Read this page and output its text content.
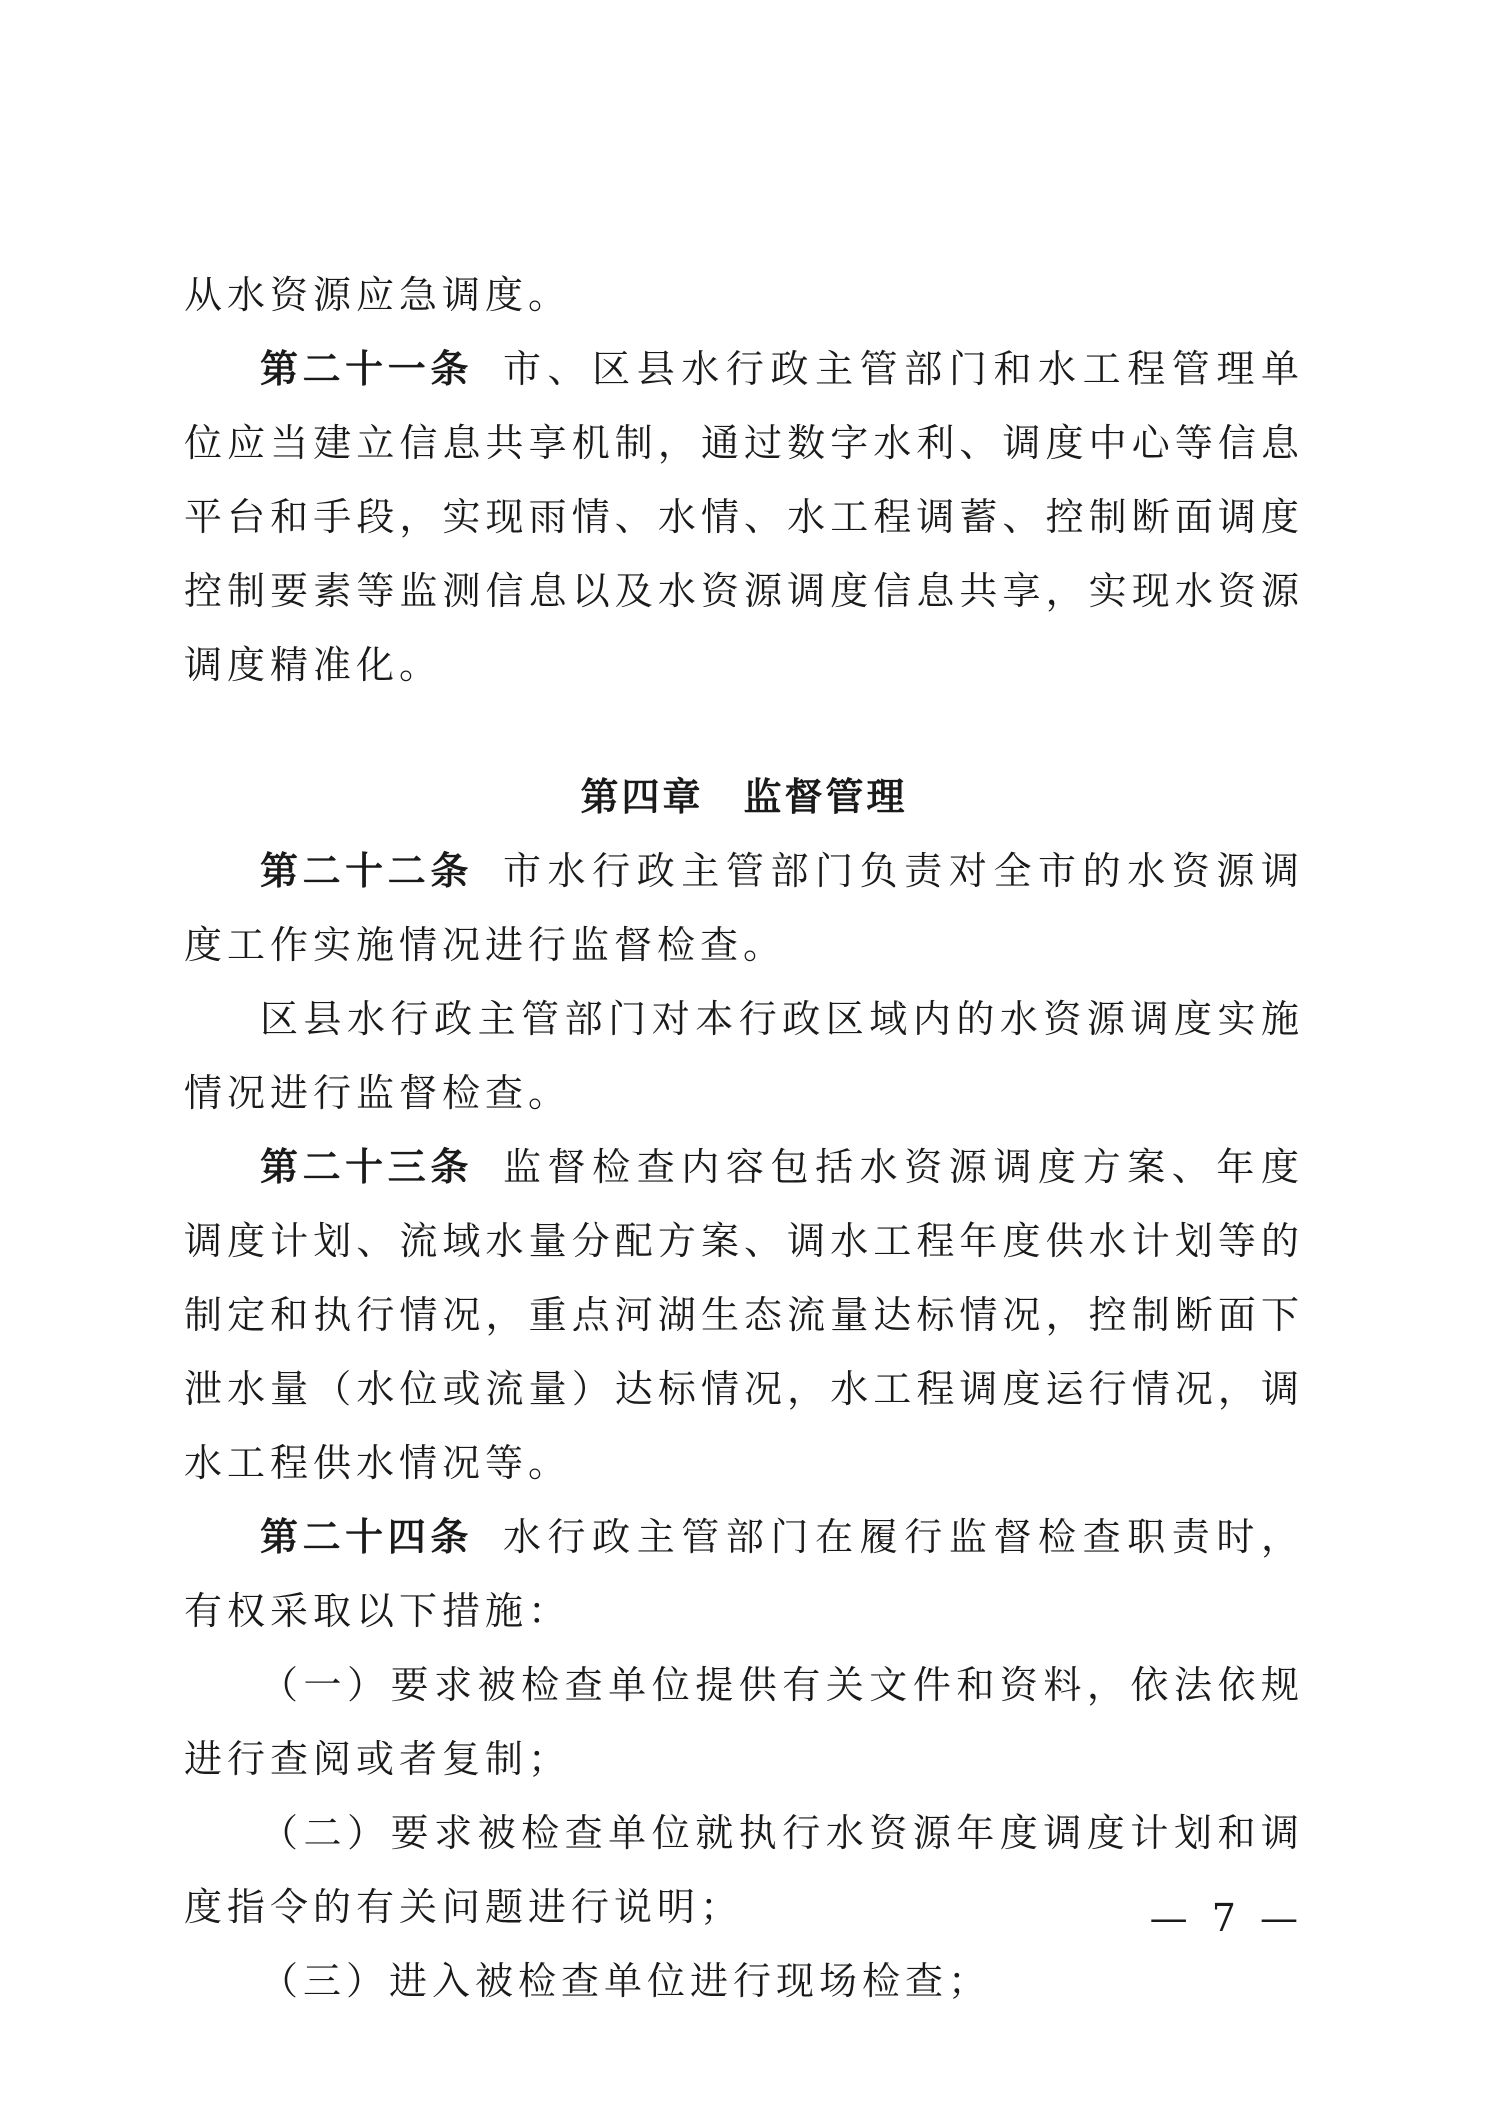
从水资源应急调度。

第二十一条 市、区县水行政主管部门和水工程管理单位应当建立信息共享机制，通过数字水利、调度中心等信息平台和手段，实现雨情、水情、水工程调蓄、控制断面调度控制要素等监测信息以及水资源调度信息共享，实现水资源调度精准化。

第四章 监督管理

第二十二条 市水行政主管部门负责对全市的水资源调度工作实施情况进行监督检查。

区县水行政主管部门对本行政区域内的水资源调度实施情况进行监督检查。

第二十三条 监督检查内容包括水资源调度方案、年度调度计划、流域水量分配方案、调水工程年度供水计划等的制定和执行情况，重点河湖生态流量达标情况，控制断面下泄水量（水位或流量）达标情况，水工程调度运行情况，调水工程供水情况等。

第二十四条 水行政主管部门在履行监督检查职责时，有权采取以下措施：

（一）要求被检查单位提供有关文件和资料，依法依规进行查阅或者复制；

（二）要求被检查单位就执行水资源年度调度计划和调度指令的有关问题进行说明；

（三）进入被检查单位进行现场检查；

— 7 —
